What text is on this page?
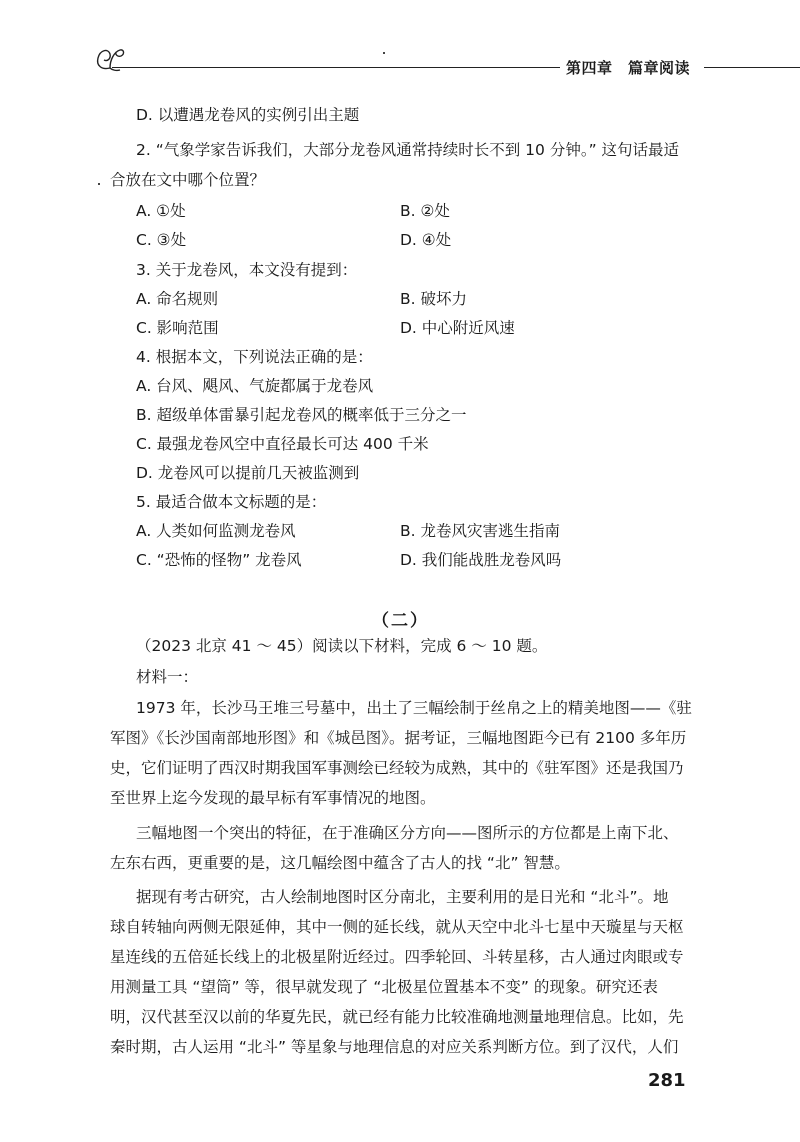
第四章　篇章阅读
D. 以遭遇龙卷风的实例引出主题
2. “气象学家告诉我们，大部分龙卷风通常持续时长不到 10 分钟。” 这句话最适
合放在文中哪个位置？
A. ①处	B. ②处
C. ③处	D. ④处
3. 关于龙卷风，本文没有提到：
A. 命名规则	B. 破坏力
C. 影响范围	D. 中心附近风速
4. 根据本文，下列说法正确的是：
A. 台风、飓风、气旋都属于龙卷风
B. 超级单体雷暴引起龙卷风的概率低于三分之一
C. 最强龙卷风空中直径最长可达 400 千米
D. 龙卷风可以提前几天被监测到
5. 最适合做本文标题的是：
A. 人类如何监测龙卷风	B. 龙卷风灾害逃生指南
C. “恐怖的怪物” 龙卷风	D. 我们能战胜龙卷风吗
（二）
（2023 北京 41 ～ 45）阅读以下材料，完成 6 ～ 10 题。
材料一：
1973 年，长沙马王堆三号墓中，出土了三幅绘制于丝帛之上的精美地图——《驻
军图》《长沙国南部地形图》和《城邑图》。据考证，三幅地图距今已有 2100 多年历
史，它们证明了西汉时期我国军事测绘已经较为成熟，其中的《驻军图》还是我国乃
至世界上迄今发现的最早标有军事情况的地图。
三幅地图一个突出的特征，在于准确区分方向——图所示的方位都是上南下北、
左东右西，更重要的是，这几幅绘图中蕴含了古人的找 “北” 智慧。
据现有考古研究，古人绘制地图时区分南北，主要利用的是日光和 “北斗”。地
球自转轴向两侧无限延伸，其中一侧的延长线，就从天空中北斗七星中天璇星与天枢
星连线的五倍延长线上的北极星附近经过。四季轮回、斗转星移，古人通过肉眼或专
用测量工具 “望筒” 等，很早就发现了 “北极星位置基本不变” 的现象。研究还表
明，汉代甚至汉以前的华夏先民，就已经有能力比较准确地测量地理信息。比如，先
秦时期，古人运用 “北斗” 等星象与地理信息的对应关系判断方位。到了汉代，人们
281
